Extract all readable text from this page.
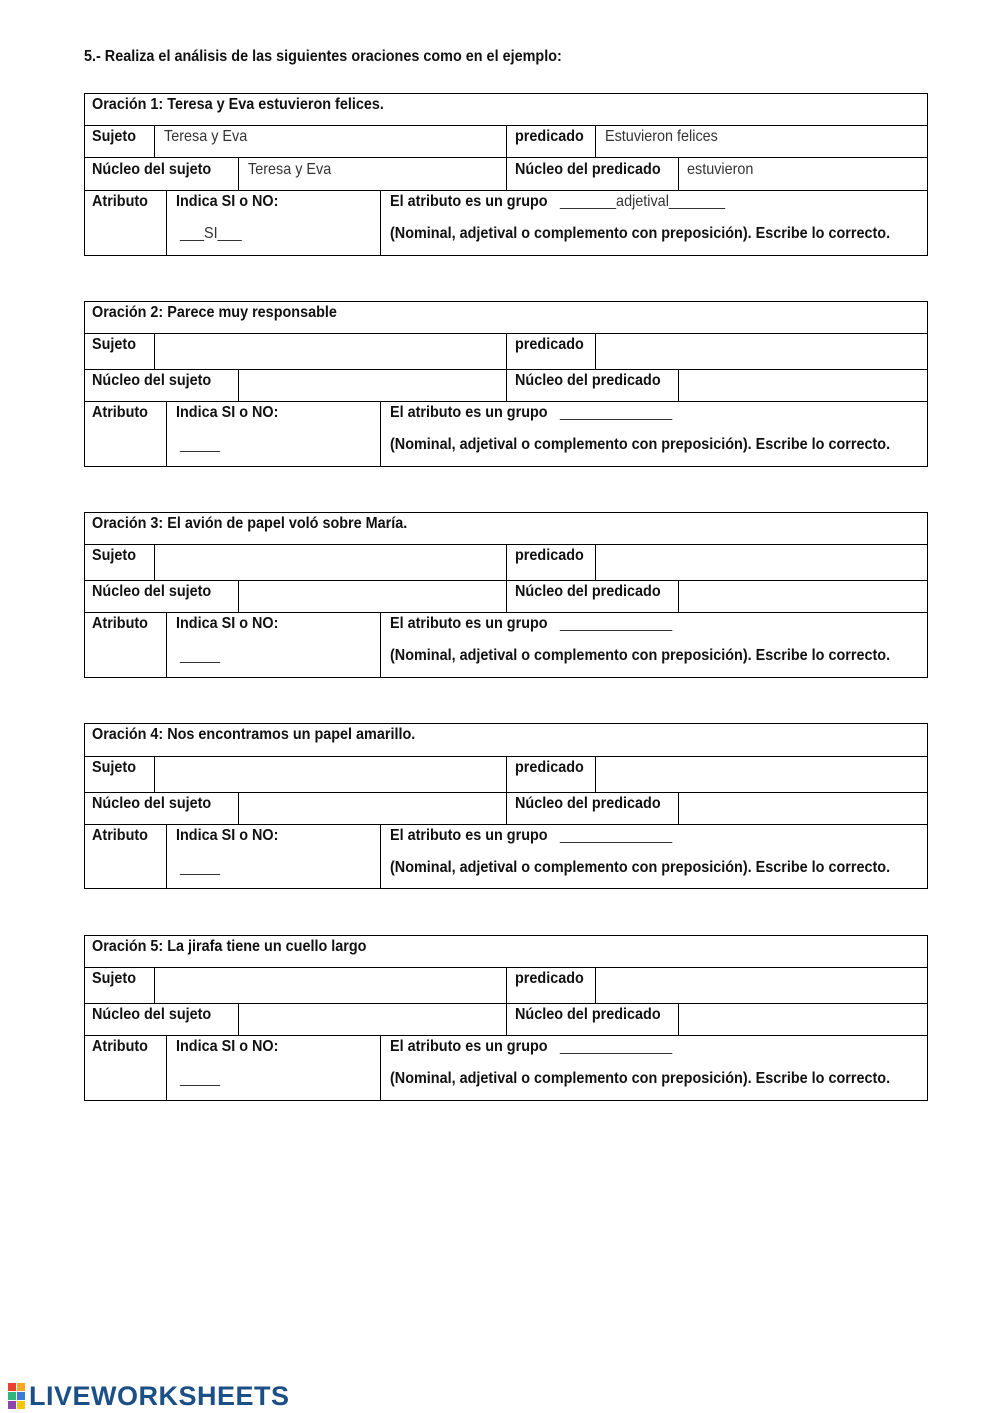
5.- Realiza el análisis de las siguientes oraciones como en el ejemplo:
Oración 1: Teresa y Eva estuvieron felices.
Sujeto Teresa y Eva	predicado Estuvieron felices
Núcleo del sujeto Teresa y Eva	Núcleo del predicado estuvieron
Atributo Indica SI o NO:
___SI___
El atributo es un grupo _______adjetival_______
(Nominal, adjetival o complemento con preposición). Escribe lo correcto.
Oración 2: Parece muy responsable
Sujeto	predicado
Núcleo del sujeto	Núcleo del predicado
Atributo Indica SI o NO:
_____
El atributo es un grupo ______________
(Nominal, adjetival o complemento con preposición). Escribe lo correcto.
Oración 3: El avión de papel voló sobre María.
Sujeto	predicado
Núcleo del sujeto	Núcleo del predicado
Atributo Indica SI o NO:
_____
El atributo es un grupo ______________
(Nominal, adjetival o complemento con preposición). Escribe lo correcto.
Oración 4: Nos encontramos un papel amarillo.
Sujeto	predicado
Núcleo del sujeto	Núcleo del predicado
Atributo Indica SI o NO:
_____
El atributo es un grupo ______________
(Nominal, adjetival o complemento con preposición). Escribe lo correcto.
Oración 5: La jirafa tiene un cuello largo
Sujeto	predicado
Núcleo del sujeto	Núcleo del predicado
Atributo Indica SI o NO:
_____
El atributo es un grupo ______________
(Nominal, adjetival o complemento con preposición). Escribe lo correcto.
LIVEWORKSHEETS
